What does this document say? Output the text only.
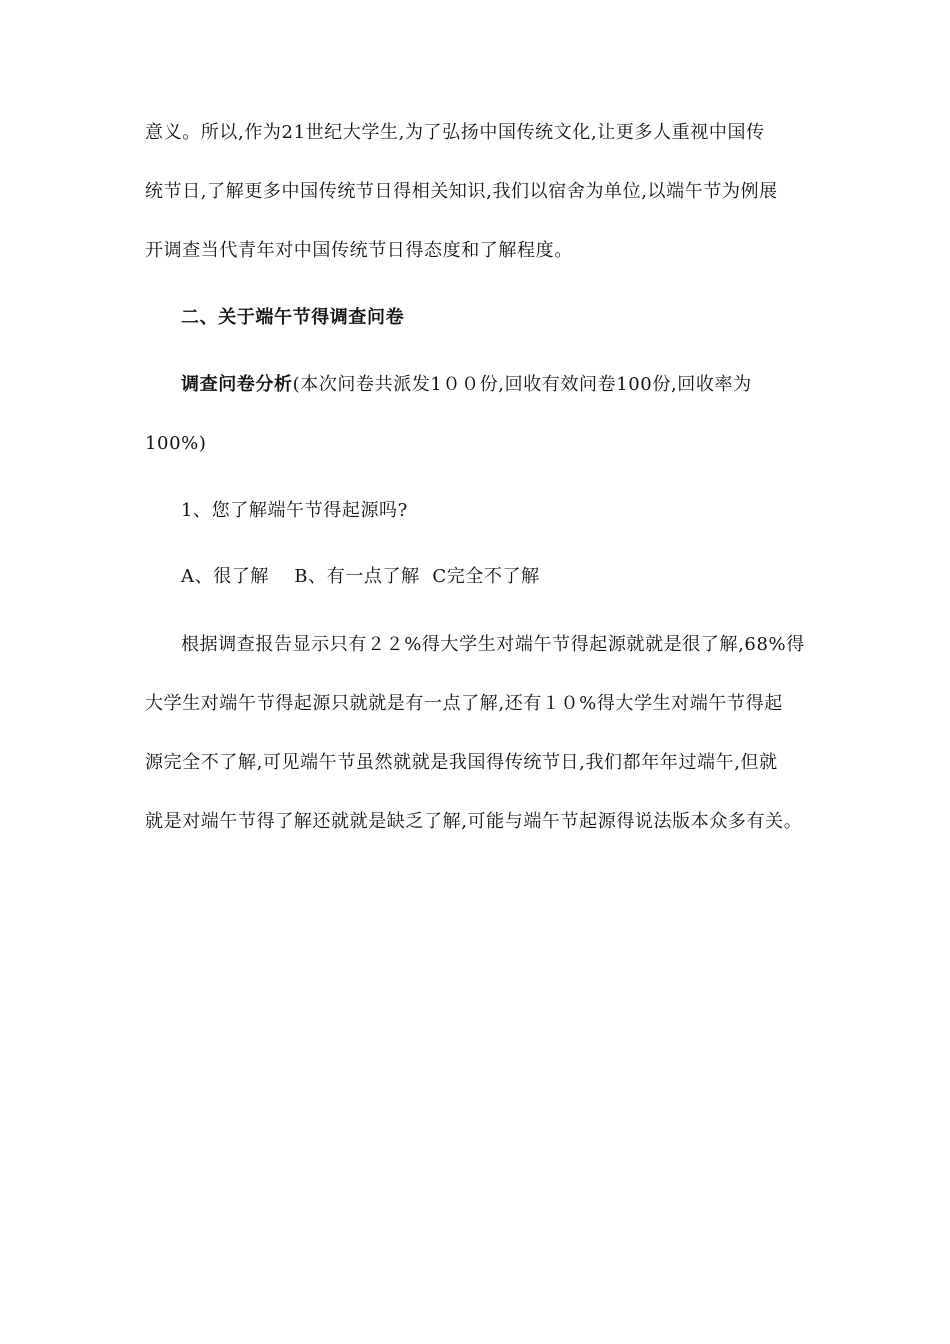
意义。所以,作为21世纪大学生,为了弘扬中国传统文化,让更多人重视中国传
统节日,了解更多中国传统节日得相关知识,我们以宿舍为单位,以端午节为例展
开调查当代青年对中国传统节日得态度和了解程度。
二、关于端午节得调查问卷
调查问卷分析(本次问卷共派发1００份,回收有效问卷100份,回收率为
100%)
1、您了解端午节得起源吗?
A、很了解    B、有一点了解  C完全不了解
根据调查报告显示只有２２%得大学生对端午节得起源就就是很了解,68%得
大学生对端午节得起源只就就是有一点了解,还有１０%得大学生对端午节得起
源完全不了解,可见端午节虽然就就是我国得传统节日,我们都年年过端午,但就
就是对端午节得了解还就就是缺乏了解,可能与端午节起源得说法版本众多有关。
